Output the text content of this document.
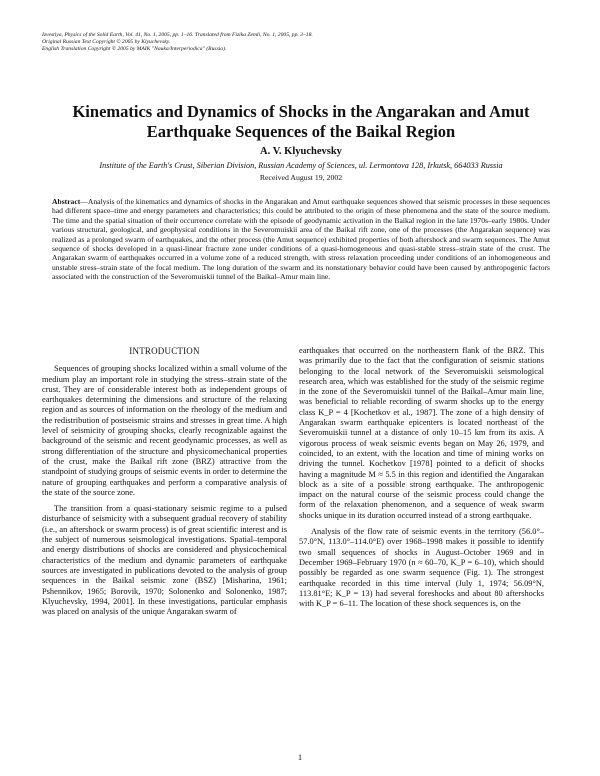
Izvestiya, Physics of the Solid Earth, Vol. 41, No. 1, 2005, pp. 1–16. Translated from Fizika Zemli, No. 1, 2005, pp. 3–18.
Original Russian Text Copyright © 2005 by Klyuchevsky.
English Translation Copyright © 2005 by MAIK "Nauka/Interperiodica" (Russia).
Kinematics and Dynamics of Shocks in the Angarakan and Amut Earthquake Sequences of the Baikal Region
A. V. Klyuchevsky
Institute of the Earth's Crust, Siberian Division, Russian Academy of Sciences, ul. Lermontova 128, Irkutsk, 664033 Russia
Received August 19, 2002
Abstract—Analysis of the kinematics and dynamics of shocks in the Angarakan and Amut earthquake sequences showed that seismic processes in these sequences had different space–time and energy parameters and characteristics; this could be attributed to the origin of these phenomena and the state of the source medium. The time and the spatial situation of their occurrence correlate with the episode of geodynamic activation in the Baikal region in the late 1970s–early 1980s. Under various structural, geological, and geophysical conditions in the Severomuiskii area of the Baikal rift zone, one of the processes (the Angarakan sequence) was realized as a prolonged swarm of earthquakes, and the other process (the Amut sequence) exhibited properties of both aftershock and swarm sequences. The Amut sequence of shocks developed in a quasi-linear fracture zone under conditions of a quasi-homogeneous and quasi-stable stress–strain state of the crust. The Angarakan swarm of earthquakes occurred in a volume zone of a reduced strength, with stress relaxation proceeding under conditions of an inhomogeneous and unstable stress–strain state of the focal medium. The long duration of the swarm and its nonstationary behavior could have been caused by anthropogenic factors associated with the construction of the Severomuiskii tunnel of the Baikal–Amur main line.
INTRODUCTION

Sequences of grouping shocks localized within a small volume of the medium play an important role in studying the stress–strain state of the crust. They are of considerable interest both as independent groups of earthquakes determining the dimensions and structure of the relaxing region and as sources of information on the rheology of the medium and the redistribution of postseismic strains and stresses in great time. A high level of seismicity of grouping shocks, clearly recognizable against the background of the seismic and recent geodynamic processes, as well as strong differentiation of the structure and physicomechanical properties of the crust, make the Baikal rift zone (BRZ) attractive from the standpoint of studying groups of seismic events in order to determine the nature of grouping earthquakes and perform a comparative analysis of the state of the source zone.

The transition from a quasi-stationary seismic regime to a pulsed disturbance of seismicity with a subsequent gradual recovery of stability (i.e., an aftershock or swarm process) is of great scientific interest and is the subject of numerous seismological investigations. Spatial–temporal and energy distributions of shocks are considered and physicochemical characteristics of the medium and dynamic parameters of earthquake sources are investigated in publications devoted to the analysis of group sequences in the Baikal seismic zone (BSZ) [Misharina, 1961; Pshennikov, 1965; Borovik, 1970; Solonenko and Solonenko, 1987; Klyuchevsky, 1994, 2001]. In these investigations, particular emphasis was placed on analysis of the unique Angarakan swarm of

earthquakes that occurred on the northeastern flank of the BRZ. This was primarily due to the fact that the configuration of seismic stations belonging to the local network of the Severomuiskii seismological research area, which was established for the study of the seismic regime in the zone of the Severomuiskii tunnel of the Baikal–Amur main line, was beneficial to reliable recording of swarm shocks up to the energy class K_P = 4 [Kochetkov et al., 1987]. The zone of a high density of Angarakan swarm earthquake epicenters is located northeast of the Severomuiskii tunnel at a distance of only 10–15 km from its axis. A vigorous process of weak seismic events began on May 26, 1979, and coincided, to an extent, with the location and time of mining works on driving the tunnel. Kochetkov [1978] pointed to a deficit of shocks having a magnitude M ≈ 5.5 in this region and identified the Angarakan block as a site of a possible strong earthquake. The anthropogenic impact on the natural course of the seismic process could change the form of the relaxation phenomenon, and a sequence of weak swarm shocks unique in its duration occurred instead of a strong earthquake.

Analysis of the flow rate of seismic events in the territory (56.0°–57.0°N, 113.0°–114.0°E) over 1968–1998 makes it possible to identify two small sequences of shocks in August–October 1969 and in December 1969–February 1970 (n ≈ 60–70, K_P = 6–10), which should possibly be regarded as one swarm sequence (Fig. 1). The strongest earthquake recorded in this time interval (July 1, 1974; 56.09°N, 113.81°E; K_P = 13) had several foreshocks and about 80 aftershocks with K_P = 6–11. The location of these shock sequences is, on the

1
